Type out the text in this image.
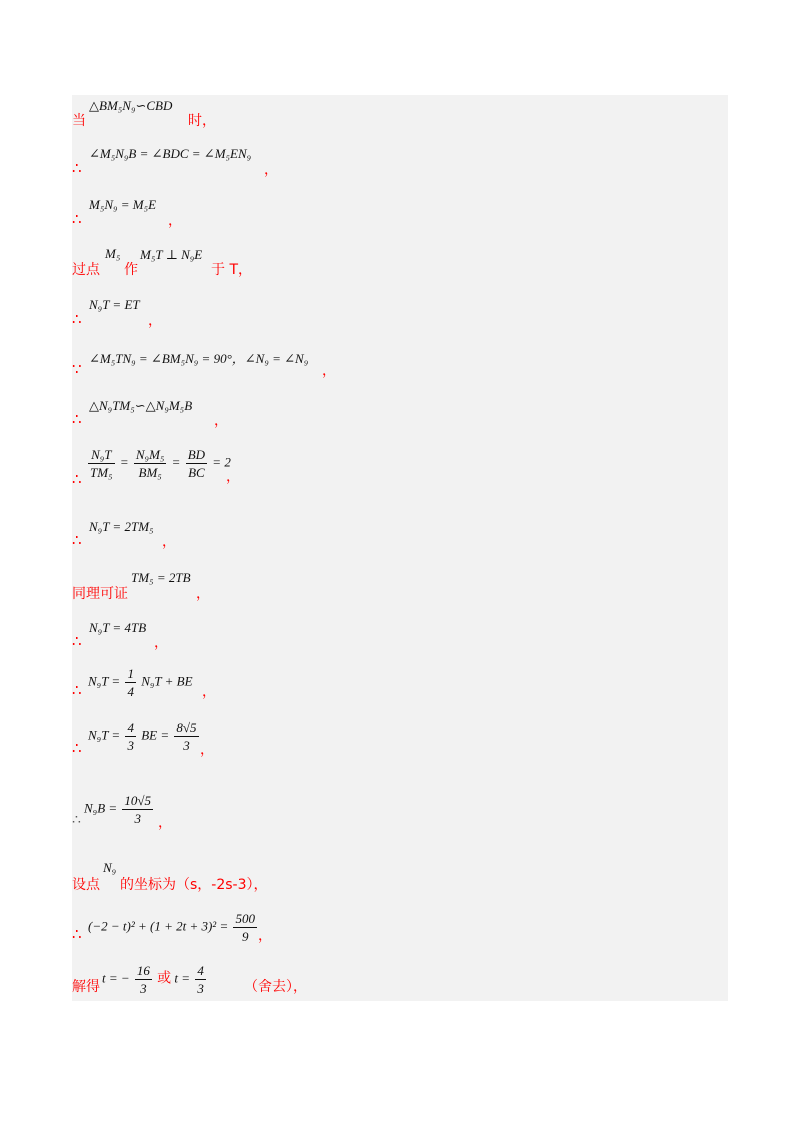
当
△BM₅N₉∽CBD
时，
∴
∠M₅N₉B = ∠BDC = ∠M₅EN₉
，
∴
M₅N₉ = M₅E
，
过点
M₅
作
M₅T ⊥ N₉E
于 T，
∴
N₉T = ET
，
∵
∠M₅TN₉ = ∠BM₅N₉ = 90°，∠N₉ = ∠N₉
，
∴
△N₉TM₅∽△N₉M₅B
，
∴ $\frac{\text{N₉T}}{\text{TM₅}} = \frac{\text{N₉M₅}}{\text{BM₅}} = \frac{BD}{BC} = 2$
，
∴
N₉T = 2TM₅
，
同理可证
TM₅ = 2TB
，
∴
N₉T = 4TB
，
∴
$N_9T = \frac{1}{4} N_9T$ + BE
，
∴
$N_9T = \frac{4}{3}$ BE = $\frac{8√5}{3}$ ，
∴
$N_9B = \frac{10√5}{3}$ ，
设点
N₉
的坐标为（s，-2s-3），
∴
$(-2 - t)^2 + (1 + 2t + 3)^2 = \frac{500}{9}$ ，
解得
t = − $\frac{16}{3}$ 或 $t = \frac{4}{3}$	（舍去），
